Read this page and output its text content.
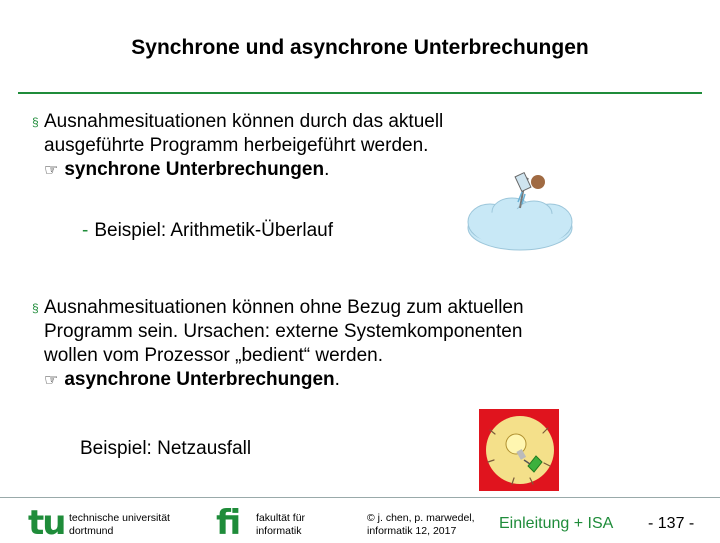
Synchrone und asynchrone Unterbrechungen
§ Ausnahmesituationen können durch das aktuell
ausgeführte Programm herbeigeführt werden.
☞ synchrone Unterbrechungen.
- Beispiel: Arithmetik-Überlauf
§ Ausnahmesituationen können ohne Bezug zum aktuellen
Programm sein. Ursachen: externe Systemkomponenten
wollen vom Prozessor „bedient“ werden.
☞ asynchrone Unterbrechungen.
Beispiel: Netzausfall
tu technische universität
dortmund	fi fakultät für
informatik
© j. chen, p. marwedel,
informatik 12, 2017	Einleitung + ISA - 137 -
